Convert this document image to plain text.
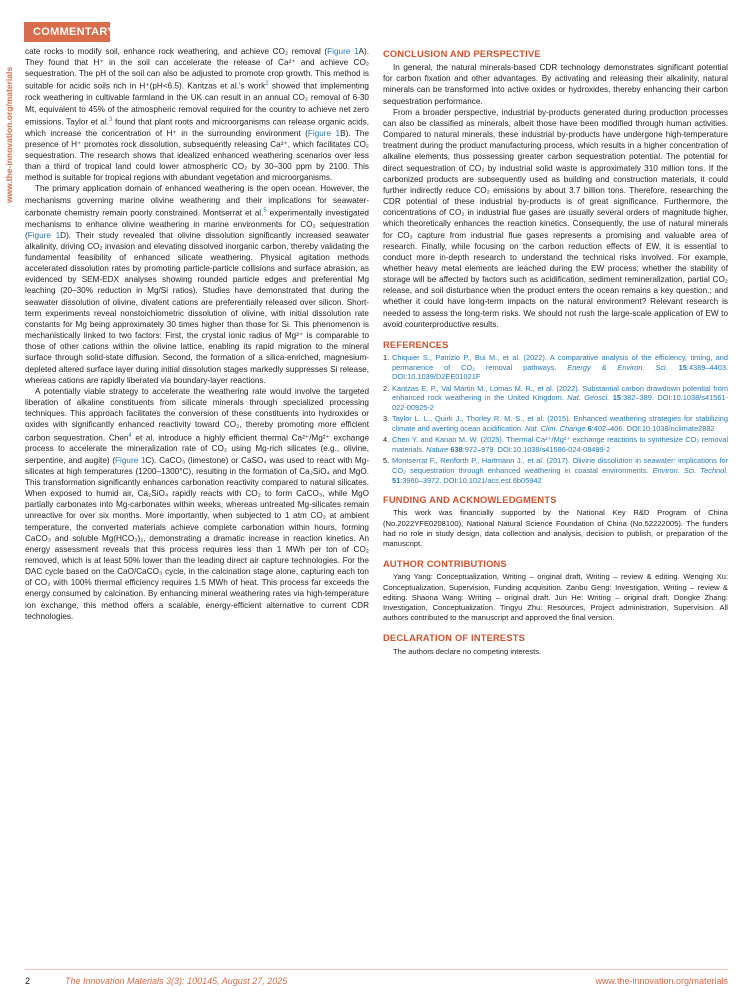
COMMENTARY
www.the-innovation.org/materials

cate rocks to modify soil, enhance rock weathering, and achieve CO₂ removal (Figure 1A). They found that H⁺ in the soil can accelerate the release of Ca²⁺ and achieve CO₂ sequestration. The pH of the soil can also be adjusted to promote crop growth. This method is suitable for acidic soils rich in H⁺(pH<6.5). Kantzas et al.'s work$^2$ showed that implementing rock weathering in cultivable farmland in the UK can result in an annual CO₂ removal of 6-30 Mt, equivalent to 45% of the atmospheric removal required for the country to achieve net zero emissions. Taylor et al.$^3$ found that plant roots and microorganisms can release organic acids, which increase the concentration of H⁺ in the surrounding environment (Figure 1B). The presence of H⁺ promotes rock dissolution, subsequently releasing Ca²⁺, which facilitates CO₂ sequestration. The research shows that idealized enhanced weathering scenarios over less than a third of tropical land could lower atmospheric CO₂ by 30–300 ppm by 2100. This method is suitable for tropical regions with abundant vegetation and microorganisms.

The primary application domain of enhanced weathering is the open ocean. However, the mechanisms governing marine olivine weathering and their implications for seawater-carbonate chemistry remain poorly constrained. Montserrat et al.$^5$ experimentally investigated mechanisms to enhance olivine weathering in marine environments for CO₂ sequestration (Figure 1D). Their study revealed that olivine dissolution significantly increased seawater alkalinity, driving CO₂ invasion and elevating dissolved inorganic carbon, thereby validating the fundamental feasibility of enhanced silicate weathering. Physical agitation methods accelerated dissolution rates by promoting particle-particle collisions and surface abrasion, as evidenced by SEM-EDX analyses showing rounded particle edges and preferential Mg leaching (20–30% reduction in Mg/Si ratios). Studies have demonstrated that during the seawater dissolution of olivine, divalent cations are preferentially released over silicon. Short-term experiments reveal nonstoichiometric dissolution of olivine, with initial dissolution rate constants for Mg being approximately 30 times higher than those for Si. This phenomenon is mechanistically linked to two factors: First, the crystal ionic radius of Mg²⁺ is comparable to those of other cations within the olivine lattice, enabling its rapid migration to the mineral surface through solid-state diffusion. Second, the formation of a silica-enriched, magnesium-depleted altered surface layer during initial dissolution stages markedly suppresses Si release, whereas cations are rapidly liberated via boundary-layer reactions.

A potentially viable strategy to accelerate the weathering rate would involve the targeted liberation of alkaline constituents from silicate minerals through specialized processing techniques. This approach facilitates the conversion of these constituents into hydroxides or oxides with significantly enhanced reactivity toward CO₂, thereby promoting more efficient carbon sequestration. Chen$^4$ et al. introduce a highly efficient thermal Ca²⁺/Mg²⁺ exchange process to accelerate the mineralization rate of CO₂ using Mg-rich silicates (e.g., olivine, serpentine, and augite) (Figure 1C). CaCO₃ (limestone) or CaSO₄ was used to react with Mg-silicates at high temperatures (1200–1300°C), resulting in the formation of Ca₂SiO₄ and MgO. This transformation significantly enhances carbonation reactivity compared to natural silicates. When exposed to humid air, Ca₂SiO₄ rapidly reacts with CO₂ to form CaCO₃, while MgO partially carbonates into Mg-carbonates within weeks, whereas untreated Mg-silicates remain unreactive for over six months. More importantly, when subjected to 1 atm CO₂ at ambient temperature, the converted materials achieve complete carbonation within hours, forming CaCO₃ and soluble Mg(HCO₃)₂, demonstrating a dramatic increase in reaction kinetics. An energy assessment reveals that this process requires less than 1 MWh per ton of CO₂ removed, which is at least 50% lower than the leading direct air capture technologies. For the DAC cycle based on the CaO/CaCO₃ cycle, in the calcination stage alone, capturing each ton of CO₂ with 100% thermal efficiency requires 1.5 MWh of heat. This process far exceeds the energy consumed by calcination. By enhancing mineral weathering rates via high-temperature ion exchange, this method offers a scalable, energy-efficient alternative to current CDR technologies.

CONCLUSION AND PERSPECTIVE

In general, the natural minerals-based CDR technology demonstrates significant potential for carbon fixation and other advantages. By activating and releasing their alkalinity, natural minerals can be transformed into active oxides or hydroxides, thereby enhancing their carbon sequestration performance.

From a broader perspective, industrial by-products generated during production processes can also be classified as minerals, albeit those have been modified through human activities. Compared to natural minerals, these industrial by-products have undergone high-temperature treatment during the product manufacturing process, which results in a higher concentration of alkaline elements, thus possessing greater carbon sequestration potential. The potential for direct sequestration of CO₂ by industrial solid waste is approximately 310 million tons. If the carbonized products are subsequently used as building and construction materials, it could further indirectly reduce CO₂ emissions by about 3.7 billion tons. Therefore, researching the CDR potential of these industrial by-products is of great significance. Furthermore, the concentrations of CO₂ in industrial flue gases are usually several orders of magnitude higher, which theoretically enhances the reaction kinetics. Consequently, the use of natural minerals for CO₂ capture from industrial flue gases represents a promising and valuable area of research. Finally, while focusing on the carbon reduction effects of EW, it is essential to conduct more in-depth research to understand the technical risks involved. For example, whether heavy metal elements are leached during the EW process; whether the stability of storage will be affected by factors such as acidification, sediment remineralization, partial CO₂ release, and soil disturbance when the product enters the ocean remains a key question.; and whether it could have long-term impacts on the natural environment? Relevant research is needed to assess the long-term risks. We should not rush the large-scale application of EW to avoid counterproductive results.

REFERENCES
1. Chiquier S., Patrizio P., Bui M., et al. (2022). A comparative analysis of the efficiency, timing, and permanence of CO₂ removal pathways. Energy & Environ. Sci. 15:4389–4403. DOI:10.1039/D2EE01021F
2. Kantzas E. P., Val Martin M., Lomas M. R., et al. (2022). Substantial carbon drawdown potential from enhanced rock weathering in the United Kingdom. Nat. Geosci. 15:382–389. DOI:10.1038/s41561-022-00925-2
3. Taylor L. L., Quirk J., Thorley R. M. S., et al. (2015). Enhanced weathering strategies for stabilizing climate and averting ocean acidification. Nat. Clim. Change 6:402–406. DOI:10.1038/nclimate2882
4. Chen Y. and Kanan M. W. (2025). Thermal Ca²⁺/Mg²⁺ exchange reactions to synthesize CO₂ removal materials. Nature 638:972–979. DOI:10.1038/s41586-024-08499-2
5. Montserrat F., Renforth P., Hartmann J., et al. (2017). Olivine dissolution in seawater: implications for CO₂ sequestration through enhanced weathering in coastal environments. Environ. Sci. Technol. 51:3960–3972. DOI:10.1021/acs.est.6b05942
FUNDING AND ACKNOWLEDGMENTS

This work was financially supported by the National Key R&D Program of China (No.2022YFE0208100), National Natural Science Foundation of China (No.52222005). The funders had no role in study design, data collection and analysis, decision to publish, or preparation of the manuscript.

AUTHOR CONTRIBUTIONS

Yang Yang: Conceptualization, Writing – original draft, Writing – review & editing. Wenqing Xu: Conceptualization, Supervision, Funding acquisition. Zanbu Geng: Investigation, Writing – review & editing. Shaona Wang: Writing – original draft. Jun He: Writing – original draft. Dongke Zhang: Investigation, Conceptualization. Tingyu Zhu: Resources, Project administration, Supervision. All authors contributed to the manuscript and approved the final version.

DECLARATION OF INTERESTS

The authors declare no competing interests.

2	The Innovation Materials 3(3): 100145, August 27, 2025	www.the-innovation.org/materials
